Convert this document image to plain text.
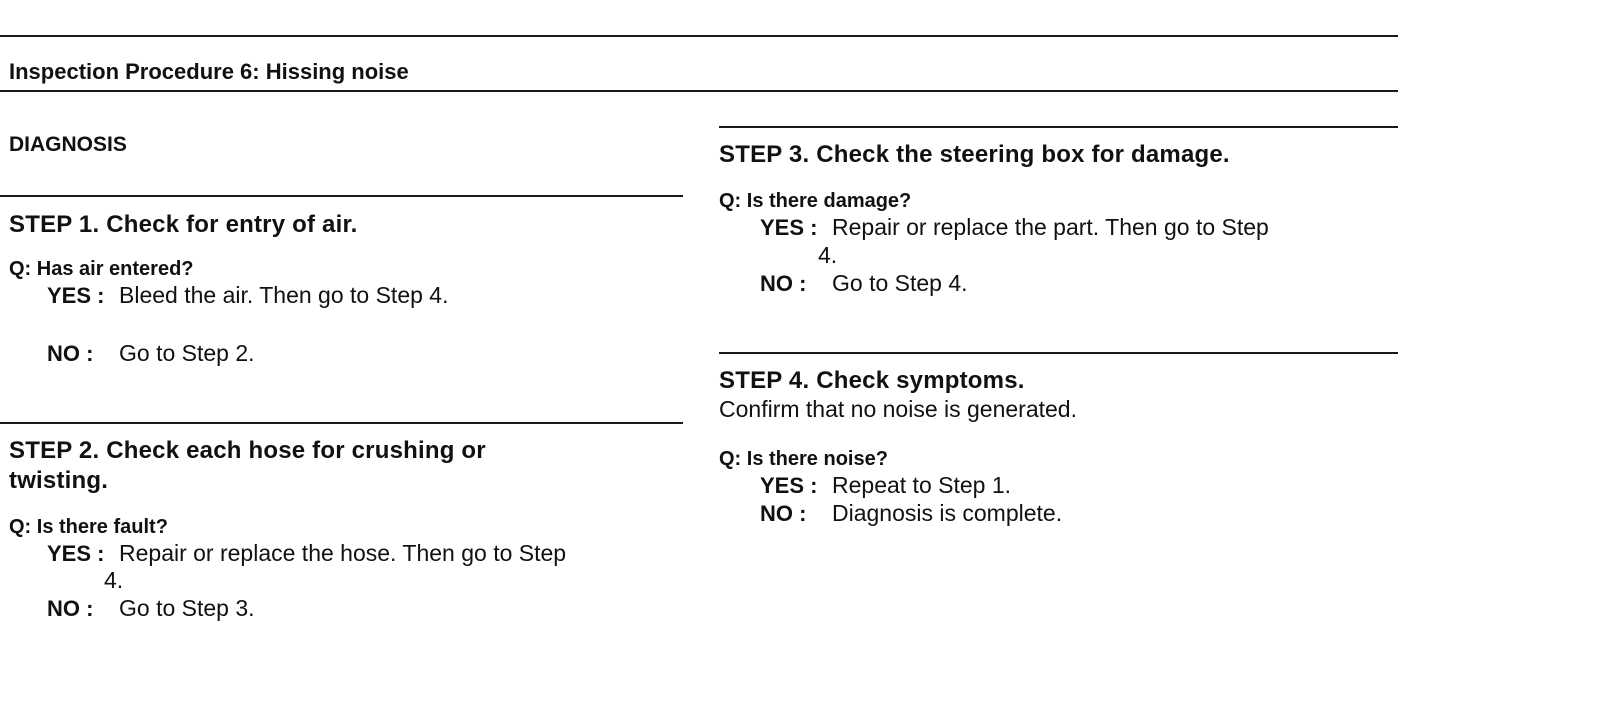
Inspection Procedure 6: Hissing noise
DIAGNOSIS
STEP 1. Check for entry of air.
Q: Has air entered?
YES : Bleed the air. Then go to Step 4.
NO : Go to Step 2.
STEP 2. Check each hose for crushing or
twisting.
Q: Is there fault?
YES : Repair or replace the hose. Then go to Step
4.
NO : Go to Step 3.
STEP 3. Check the steering box for damage.
Q: Is there damage?
YES : Repair or replace the part. Then go to Step
4.
NO : Go to Step 4.
STEP 4. Check symptoms.
Confirm that no noise is generated.
Q: Is there noise?
YES : Repeat to Step 1.
NO : Diagnosis is complete.
